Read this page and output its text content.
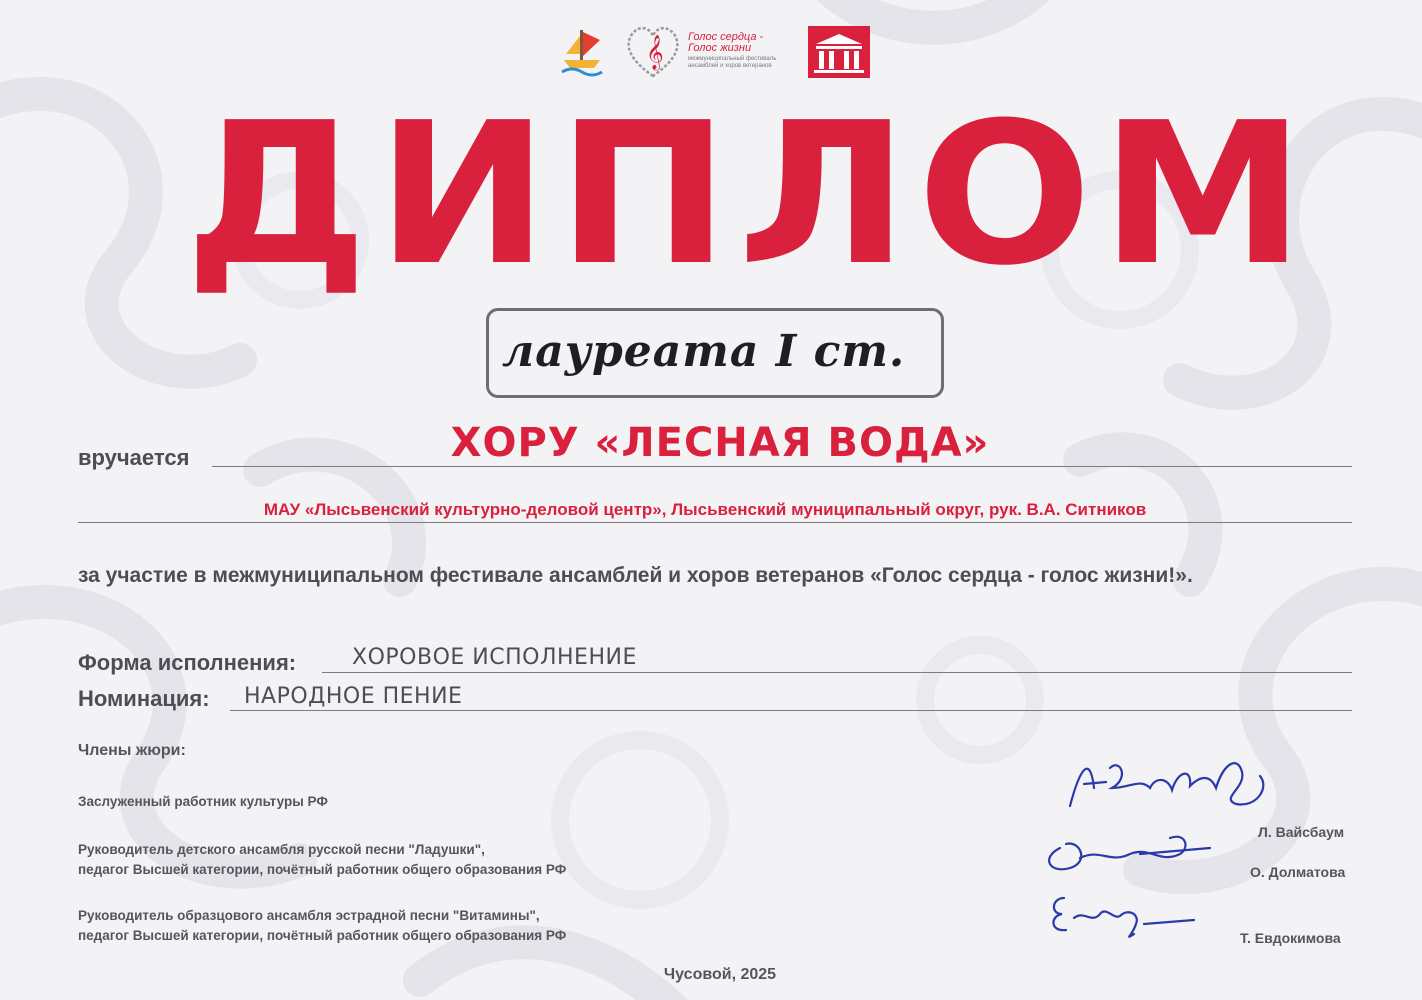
𝄞 Голос сердца -
Голос жизни
межмуниципальный фестиваль ансамблей и хоров ветеранов
ДИПЛОМ
лауреата I ст.
вручается	ХОРУ «ЛЕСНАЯ ВОДА»
МАУ «Лысьвенский культурно-деловой центр», Лысьвенский муниципальный округ, рук. В.А. Ситников
за участие в межмуниципальном фестивале ансамблей и хоров ветеранов «Голос сердца - голос жизни!».
Форма исполнения:	ХОРОВОЕ ИСПОЛНЕНИЕ
Номинация: НАРОДНОЕ ПЕНИЕ
Члены жюри:
Заслуженный работник культуры РФ
Л. Вайсбаум
Руководитель детского ансамбля русской песни "Ладушки",
педагог Высшей категории, почётный работник общего образования РФ	О. Долматова
Руководитель образцового ансамбля эстрадной песни "Витамины",
педагог Высшей категории, почётный работник общего образования РФ	Т. Евдокимова
Чусовой, 2025
